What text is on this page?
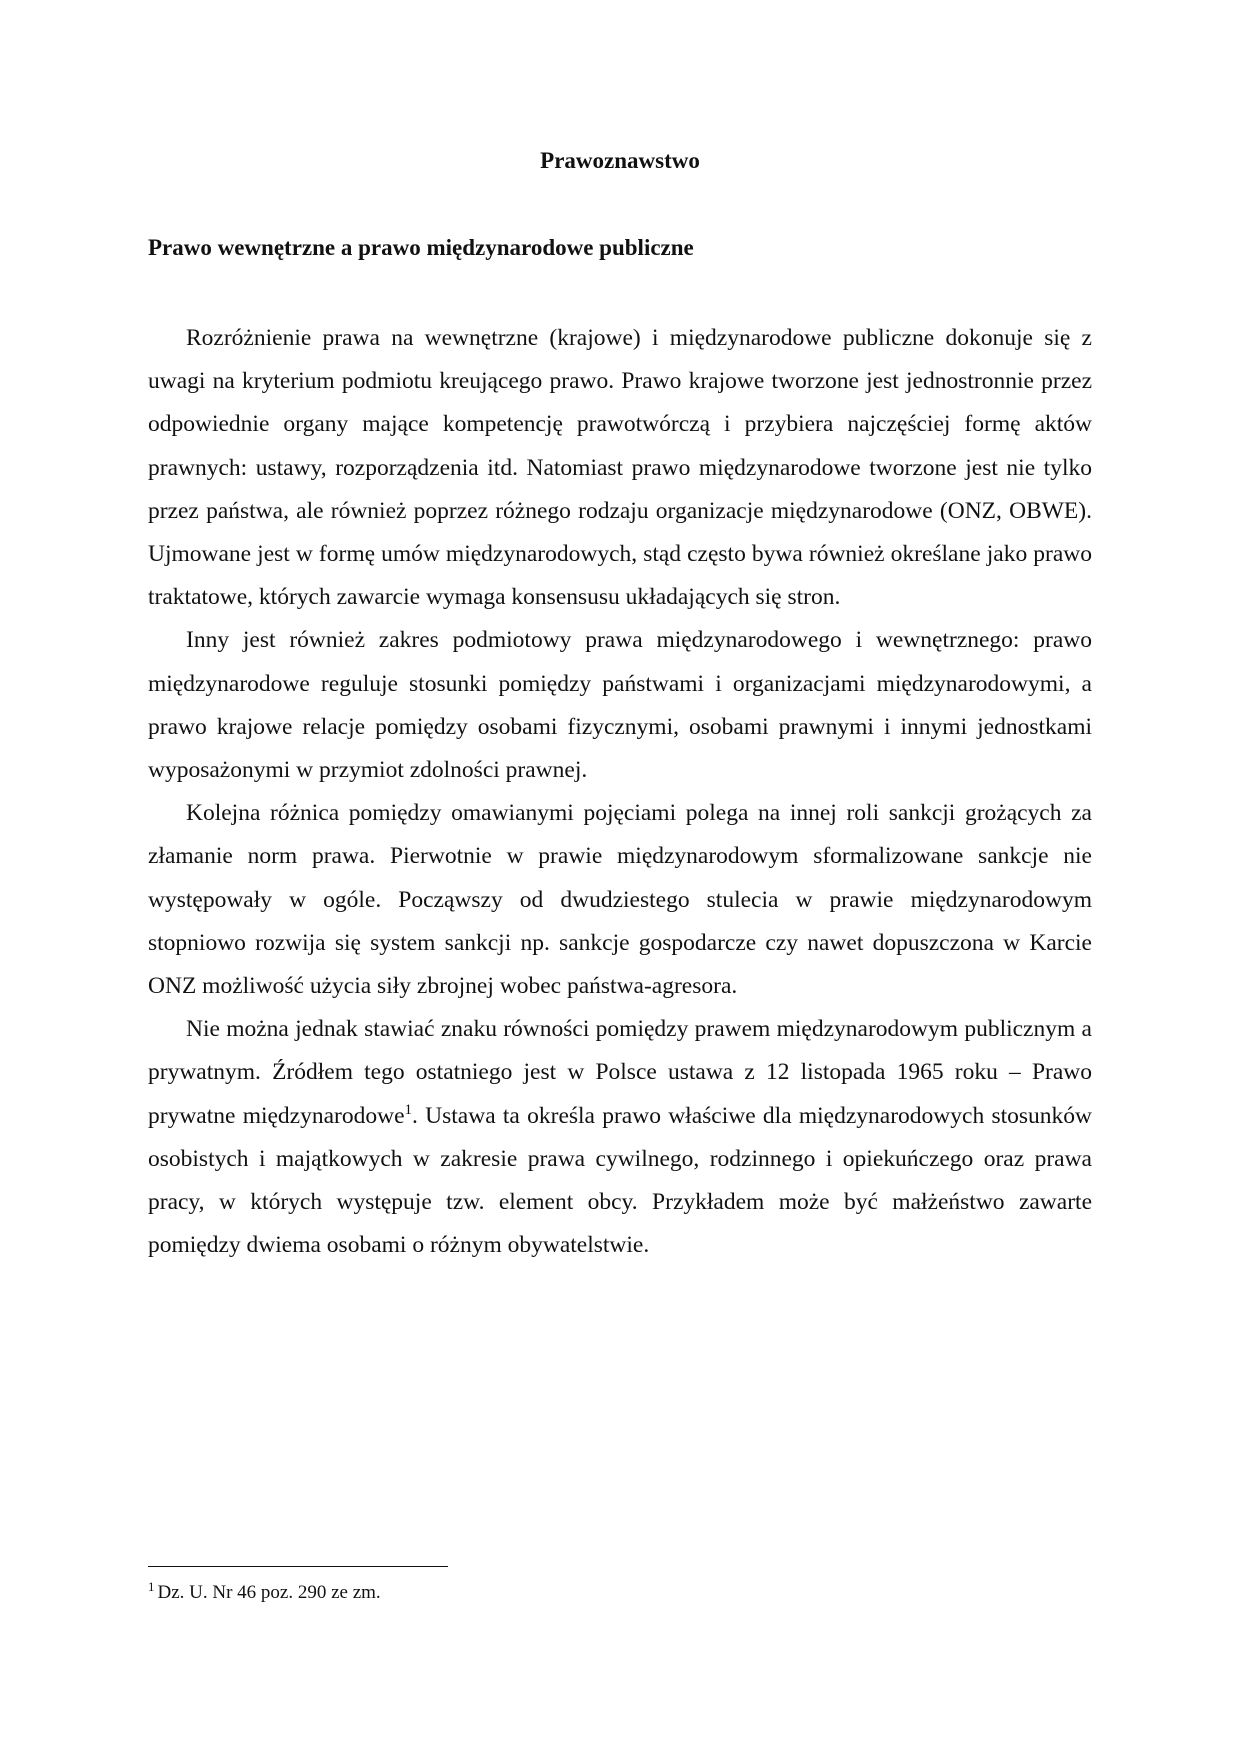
Prawoznawstwo
Prawo wewnętrzne a prawo międzynarodowe publiczne

Rozróżnienie prawa na wewnętrzne (krajowe) i międzynarodowe publiczne dokonuje się z uwagi na kryterium podmiotu kreującego prawo. Prawo krajowe tworzone jest jednostronnie przez odpowiednie organy mające kompetencję prawotwórczą i przybiera najczęściej formę aktów prawnych: ustawy, rozporządzenia itd. Natomiast prawo międzynarodowe tworzone jest nie tylko przez państwa, ale również poprzez różnego rodzaju organizacje międzynarodowe (ONZ, OBWE). Ujmowane jest w formę umów międzynarodowych, stąd często bywa również określane jako prawo traktatowe, których zawarcie wymaga konsensusu układających się stron.

Inny jest również zakres podmiotowy prawa międzynarodowego i wewnętrznego: prawo międzynarodowe reguluje stosunki pomiędzy państwami i organizacjami międzynarodowymi, a prawo krajowe relacje pomiędzy osobami fizycznymi, osobami prawnymi i innymi jednostkami wyposażonymi w przymiot zdolności prawnej.

Kolejna różnica pomiędzy omawianymi pojęciami polega na innej roli sankcji grożących za złamanie norm prawa. Pierwotnie w prawie międzynarodowym sformalizowane sankcje nie występowały w ogóle. Począwszy od dwudziestego stulecia w prawie międzynarodowym stopniowo rozwija się system sankcji np. sankcje gospodarcze czy nawet dopuszczona w Karcie ONZ możliwość użycia siły zbrojnej wobec państwa-agresora.

Nie można jednak stawiać znaku równości pomiędzy prawem międzynarodowym publicznym a prywatnym. Źródłem tego ostatniego jest w Polsce ustawa z 12 listopada 1965 roku – Prawo prywatne międzynarodowe$^1$. Ustawa ta określa prawo właściwe dla międzynarodowych stosunków osobistych i majątkowych w zakresie prawa cywilnego, rodzinnego i opiekuńczego oraz prawa pracy, w których występuje tzw. element obcy. Przykładem może być małżeństwo zawarte pomiędzy dwiema osobami o różnym obywatelstwie.

$^1$ Dz. U. Nr 46 poz. 290 ze zm.
